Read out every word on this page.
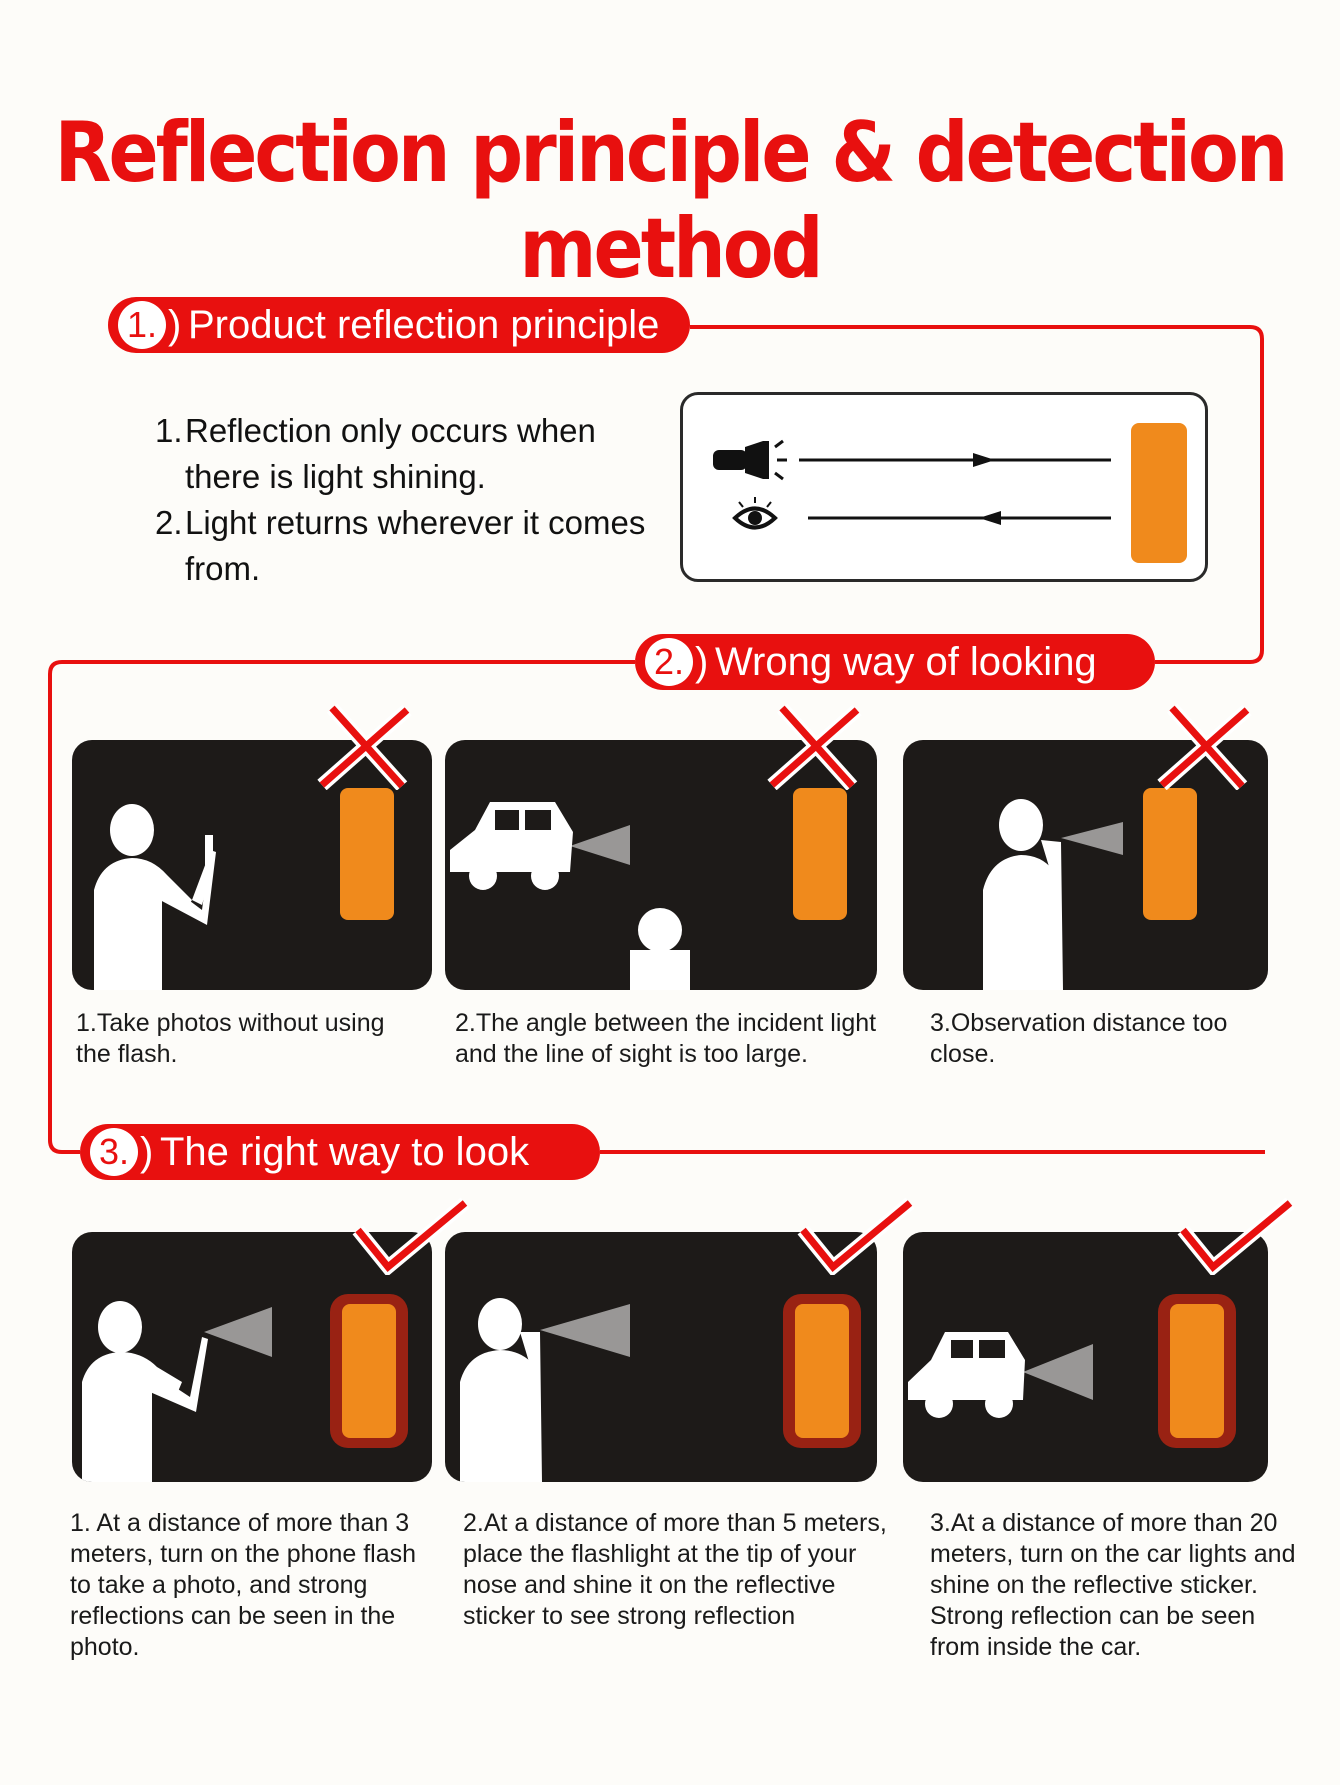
Reflection principle & detection method
1. ) Product reflection principle
1. Reflection only occurs when there is light shining.
2. Light returns wherever it comes from.
2. ) Wrong way of looking
1.Take photos without using the flash.
2.The angle between the incident light and the line of sight is too large.
3.Observation distance too close.
3. ) The right way to look
1. At a distance of more than 3 meters, turn on the phone flash to take a photo, and strong reflections can be seen in the photo.
2.At a distance of more than 5 meters, place the flashlight at the tip of your nose and shine it on the reflective sticker to see strong reflection
3.At a distance of more than 20 meters, turn on the car lights and shine on the reflective sticker. Strong reflection can be seen from inside the car.
